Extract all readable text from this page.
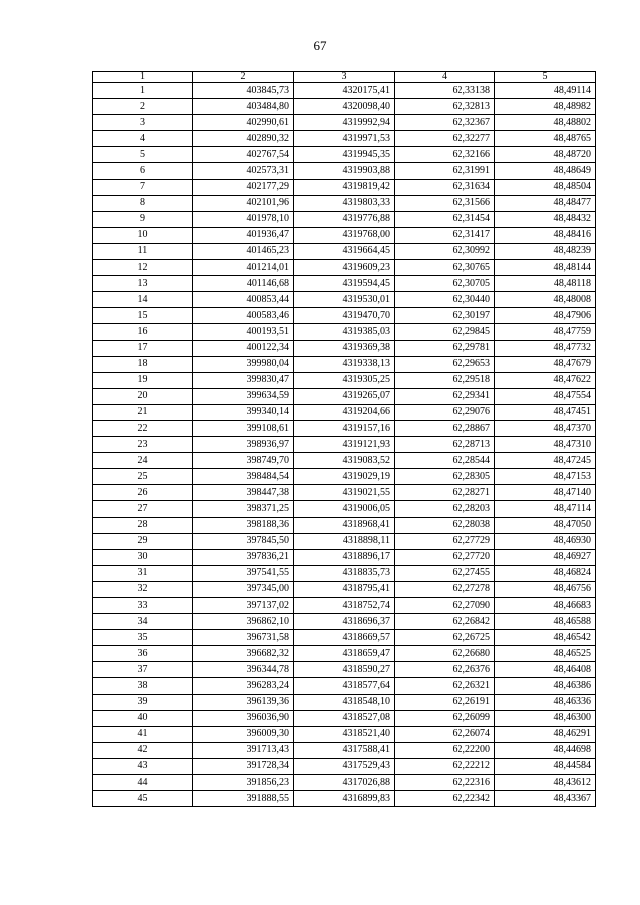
67
1	2	3	4	5
1	403845,73	4320175,41	62,33138	48,49114
2	403484,80	4320098,40	62,32813	48,48982
3	402990,61	4319992,94	62,32367	48,48802
4	402890,32	4319971,53	62,32277	48,48765
5	402767,54	4319945,35	62,32166	48,48720
6	402573,31	4319903,88	62,31991	48,48649
7	402177,29	4319819,42	62,31634	48,48504
8	402101,96	4319803,33	62,31566	48,48477
9	401978,10	4319776,88	62,31454	48,48432
10	401936,47	4319768,00	62,31417	48,48416
11	401465,23	4319664,45	62,30992	48,48239
12	401214,01	4319609,23	62,30765	48,48144
13	401146,68	4319594,45	62,30705	48,48118
14	400853,44	4319530,01	62,30440	48,48008
15	400583,46	4319470,70	62,30197	48,47906
16	400193,51	4319385,03	62,29845	48,47759
17	400122,34	4319369,38	62,29781	48,47732
18	399980,04	4319338,13	62,29653	48,47679
19	399830,47	4319305,25	62,29518	48,47622
20	399634,59	4319265,07	62,29341	48,47554
21	399340,14	4319204,66	62,29076	48,47451
22	399108,61	4319157,16	62,28867	48,47370
23	398936,97	4319121,93	62,28713	48,47310
24	398749,70	4319083,52	62,28544	48,47245
25	398484,54	4319029,19	62,28305	48,47153
26	398447,38	4319021,55	62,28271	48,47140
27	398371,25	4319006,05	62,28203	48,47114
28	398188,36	4318968,41	62,28038	48,47050
29	397845,50	4318898,11	62,27729	48,46930
30	397836,21	4318896,17	62,27720	48,46927
31	397541,55	4318835,73	62,27455	48,46824
32	397345,00	4318795,41	62,27278	48,46756
33	397137,02	4318752,74	62,27090	48,46683
34	396862,10	4318696,37	62,26842	48,46588
35	396731,58	4318669,57	62,26725	48,46542
36	396682,32	4318659,47	62,26680	48,46525
37	396344,78	4318590,27	62,26376	48,46408
38	396283,24	4318577,64	62,26321	48,46386
39	396139,36	4318548,10	62,26191	48,46336
40	396036,90	4318527,08	62,26099	48,46300
41	396009,30	4318521,40	62,26074	48,46291
42	391713,43	4317588,41	62,22200	48,44698
43	391728,34	4317529,43	62,22212	48,44584
44	391856,23	4317026,88	62,22316	48,43612
45	391888,55	4316899,83	62,22342	48,43367
